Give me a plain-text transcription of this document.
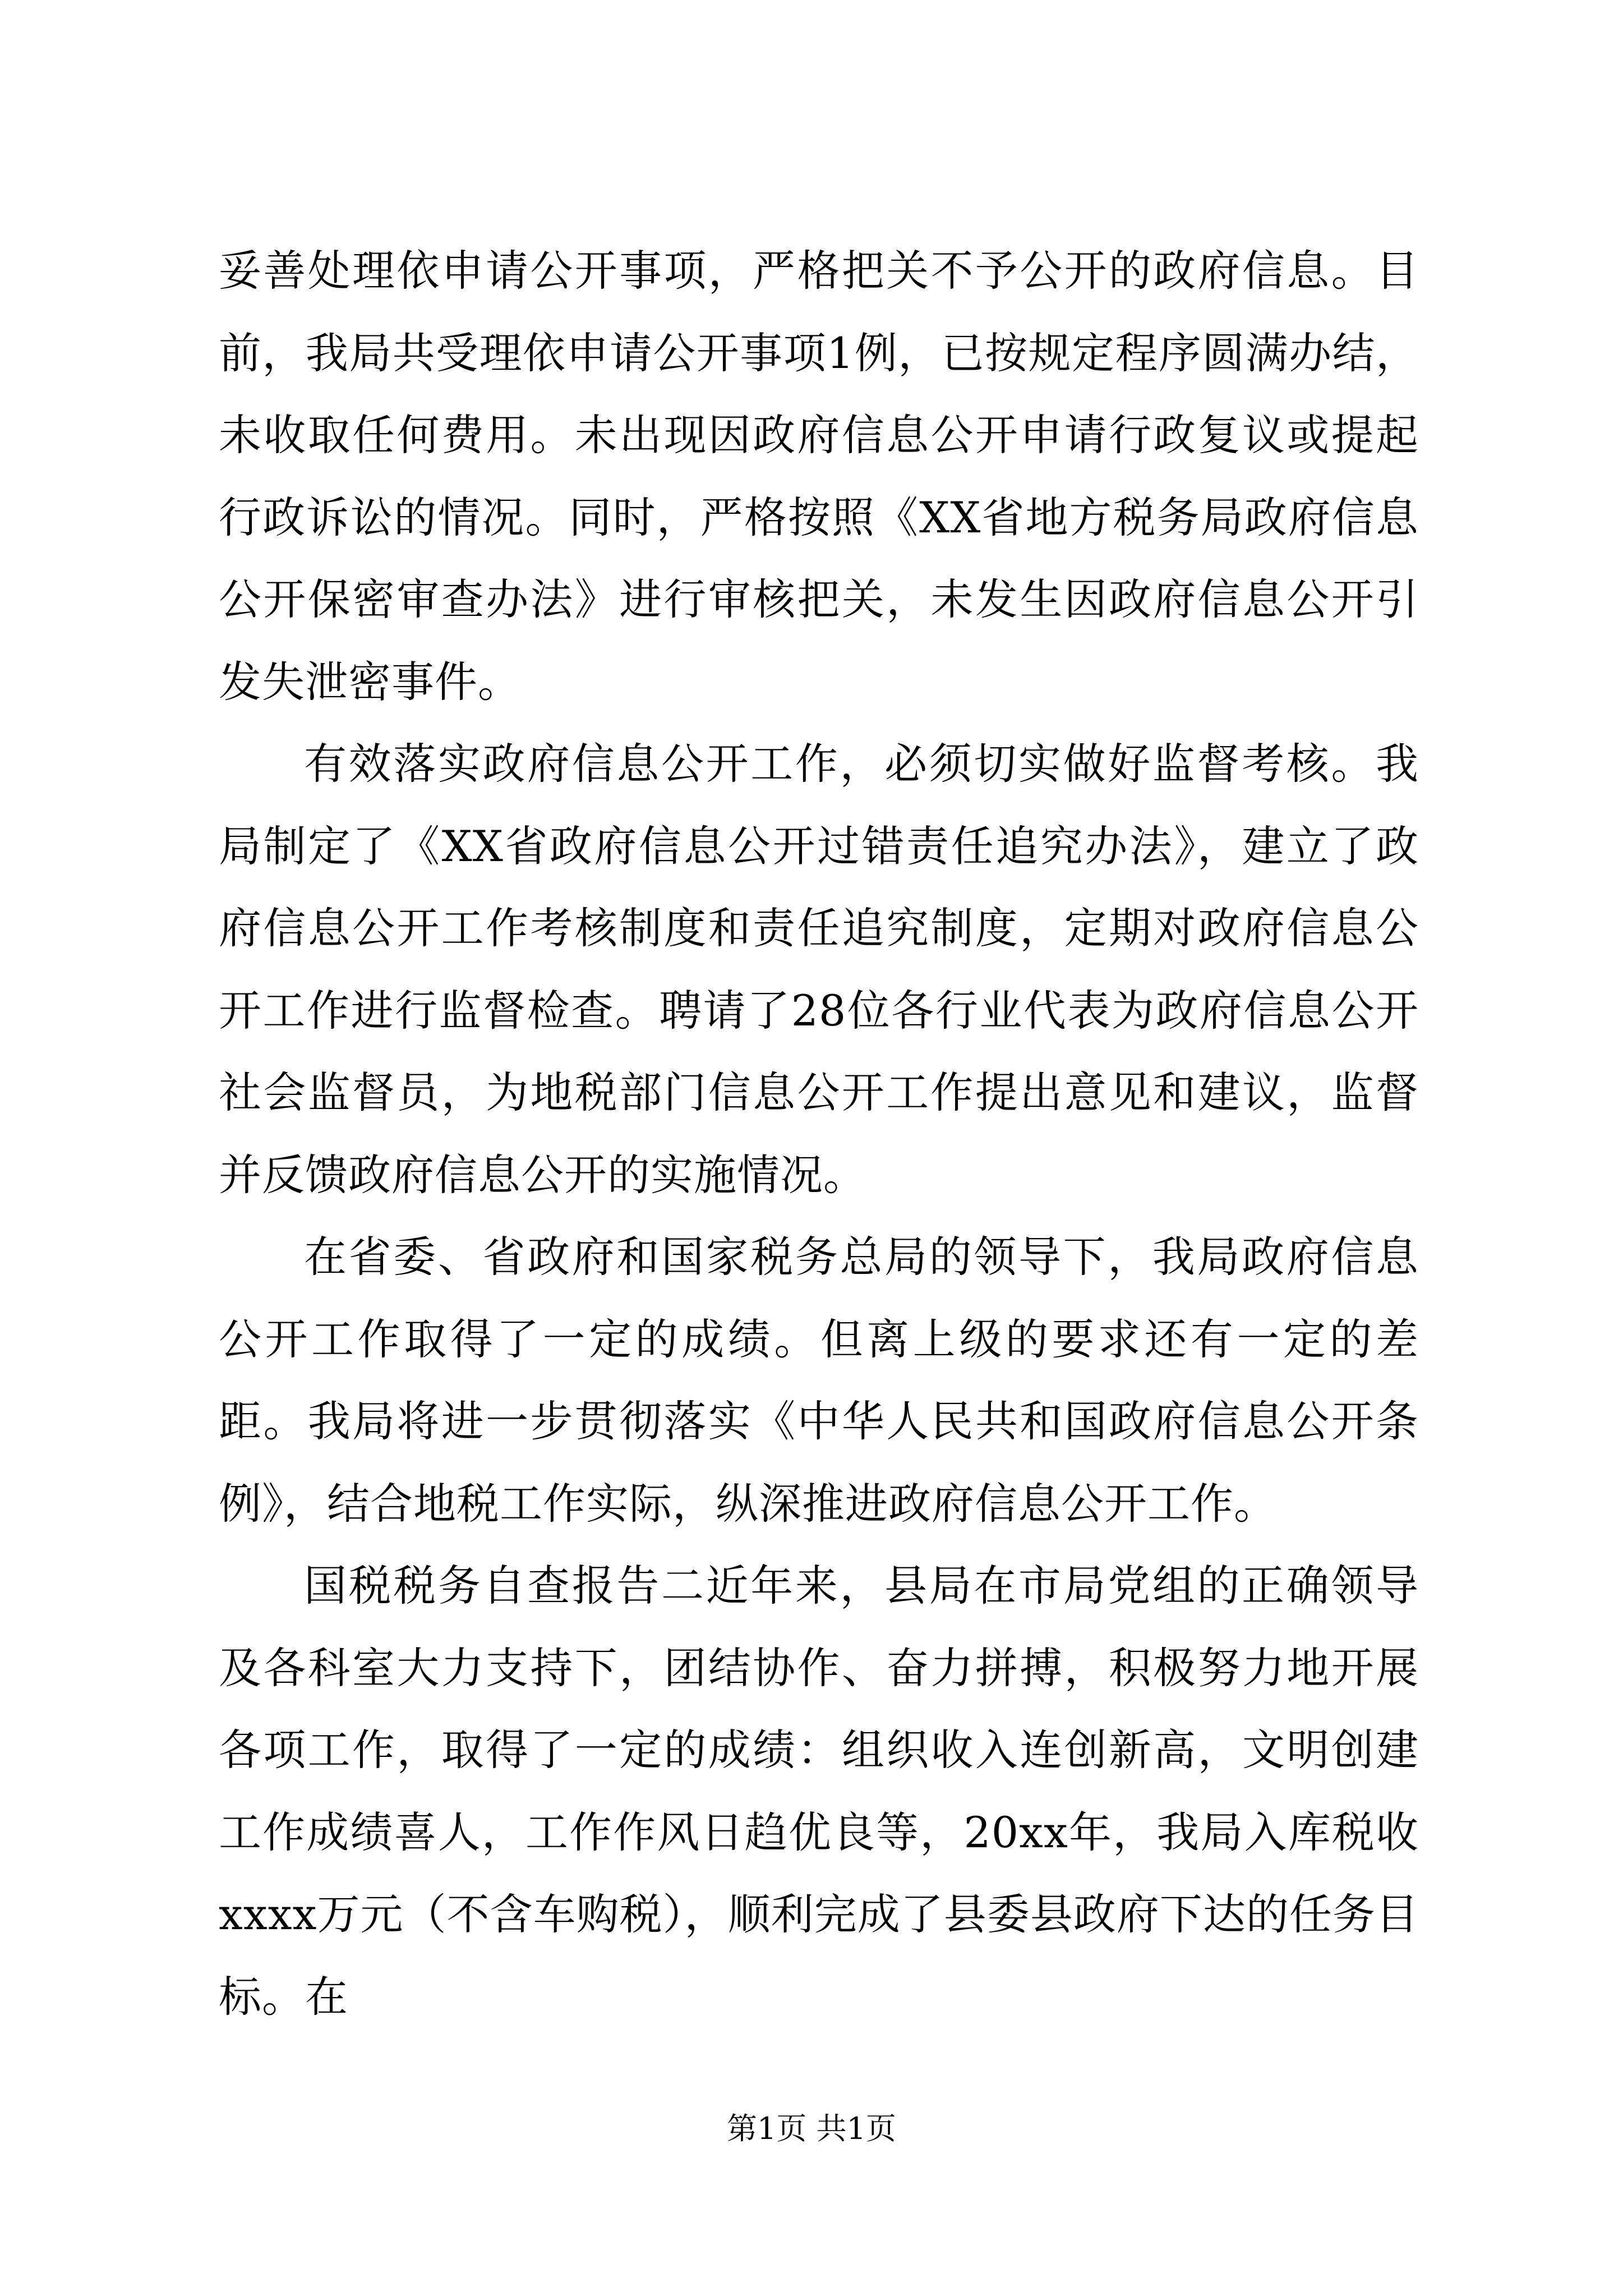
妥善处理依申请公开事项，严格把关不予公开的政府信息。目前，我局共受理依申请公开事项1例，已按规定程序圆满办结，未收取任何费用。未出现因政府信息公开申请行政复议或提起行政诉讼的情况。同时，严格按照《XX省地方税务局政府信息公开保密审查办法》进行审核把关，未发生因政府信息公开引发失泄密事件。

有效落实政府信息公开工作，必须切实做好监督考核。我局制定了《XX省政府信息公开过错责任追究办法》，建立了政府信息公开工作考核制度和责任追究制度，定期对政府信息公开工作进行监督检查。聘请了28位各行业代表为政府信息公开社会监督员，为地税部门信息公开工作提出意见和建议，监督并反馈政府信息公开的实施情况。

在省委、省政府和国家税务总局的领导下，我局政府信息公开工作取得了一定的成绩。但离上级的要求还有一定的差距。我局将进一步贯彻落实《中华人民共和国政府信息公开条例》，结合地税工作实际，纵深推进政府信息公开工作。

国税税务自查报告二近年来，县局在市局党组的正确领导及各科室大力支持下，团结协作、奋力拼搏，积极努力地开展各项工作，取得了一定的成绩：组织收入连创新高，文明创建工作成绩喜人，工作作风日趋优良等，20xx年，我局入库税收xxxx万元（不含车购税），顺利完成了县委县政府下达的任务目标。在

第1页 共1页
